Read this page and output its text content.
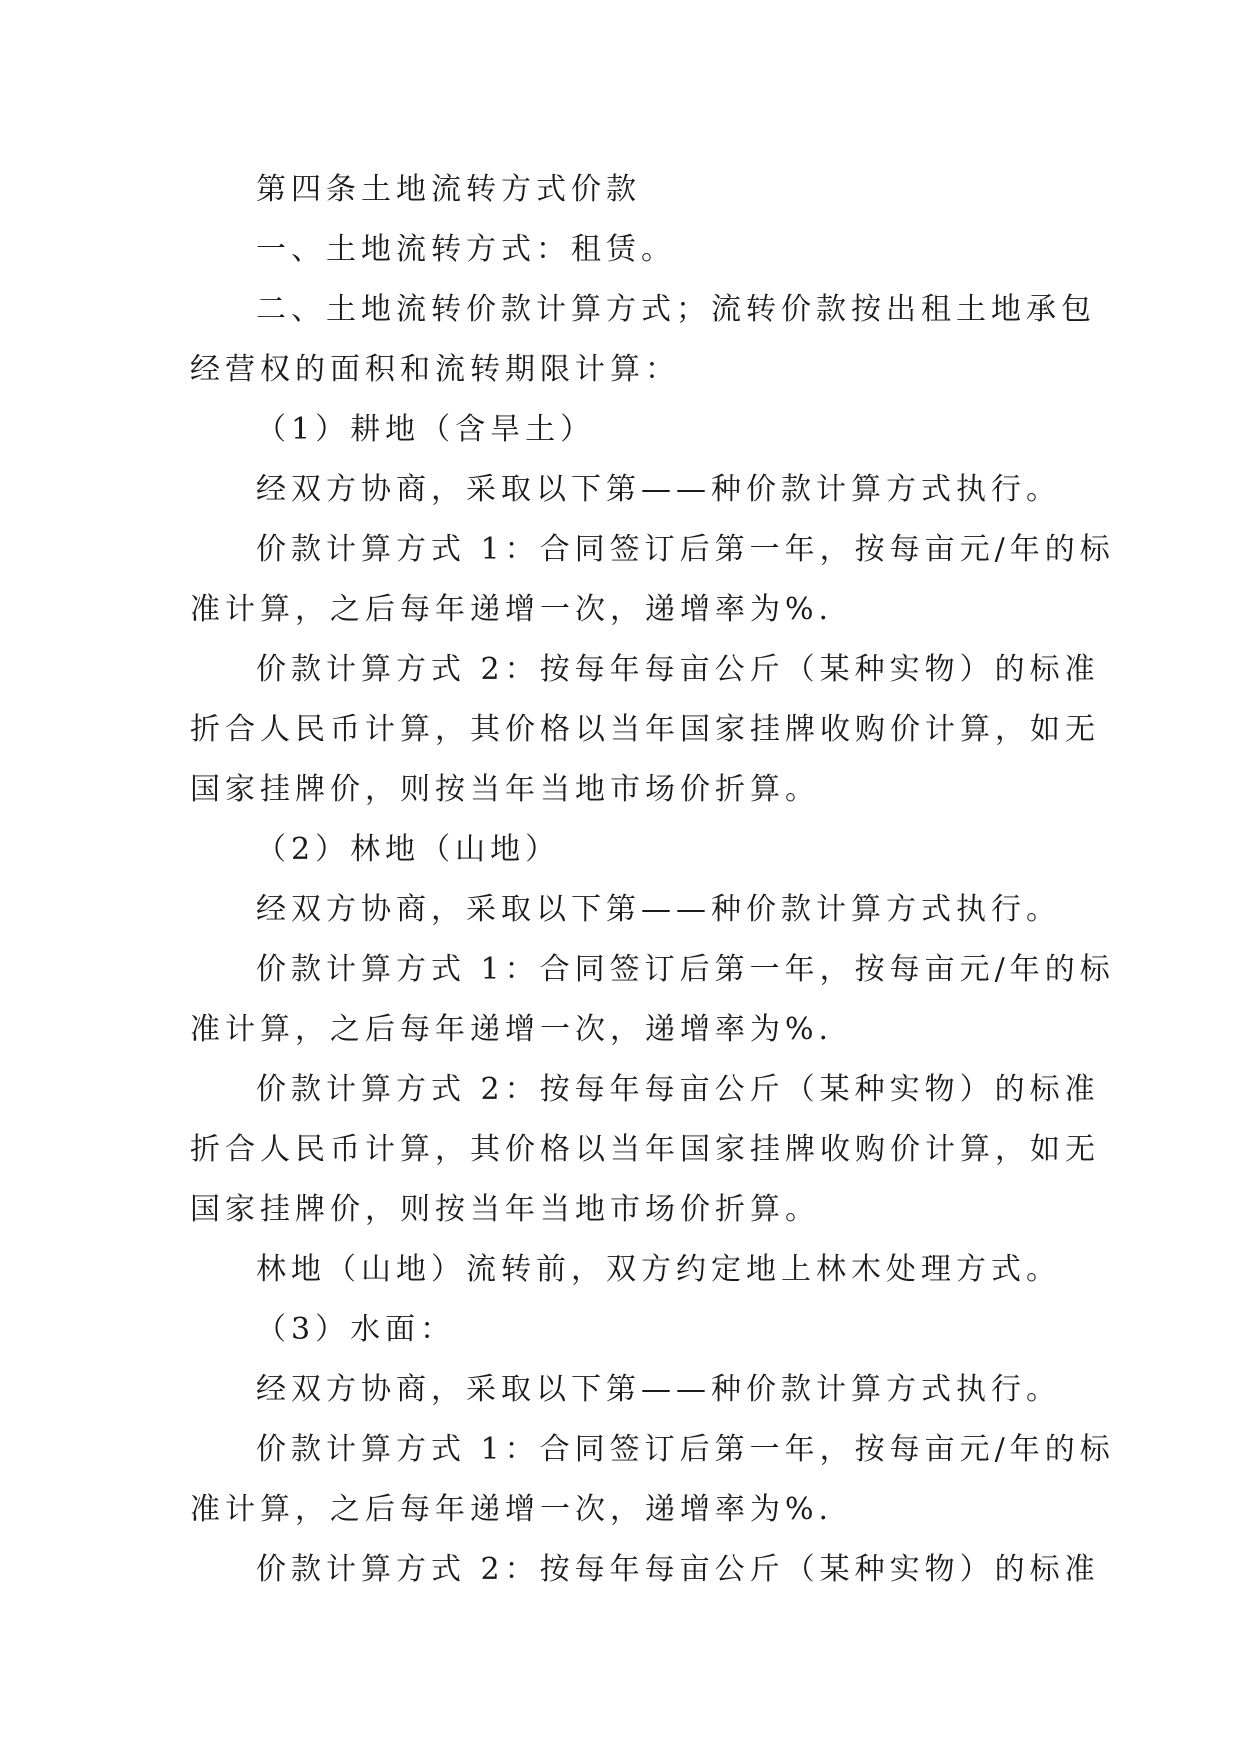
第四条土地流转方式价款

一、土地流转方式：租赁。

二、土地流转价款计算方式；流转价款按出租土地承包

经营权的面积和流转期限计算：

（1）耕地（含旱土）

经双方协商，采取以下第——种价款计算方式执行。

价款计算方式 1：合同签订后第一年，按每亩元/年的标

准计算，之后每年递增一次，递增率为%.

价款计算方式 2：按每年每亩公斤（某种实物）的标准

折合人民币计算，其价格以当年国家挂牌收购价计算，如无

国家挂牌价，则按当年当地市场价折算。

（2）林地（山地）

经双方协商，采取以下第——种价款计算方式执行。

价款计算方式 1：合同签订后第一年，按每亩元/年的标

准计算，之后每年递增一次，递增率为%.

价款计算方式 2：按每年每亩公斤（某种实物）的标准

折合人民币计算，其价格以当年国家挂牌收购价计算，如无

国家挂牌价，则按当年当地市场价折算。

林地（山地）流转前，双方约定地上林木处理方式。

（3）水面：

经双方协商，采取以下第——种价款计算方式执行。

价款计算方式 1：合同签订后第一年，按每亩元/年的标

准计算，之后每年递增一次，递增率为%.

价款计算方式 2：按每年每亩公斤（某种实物）的标准
